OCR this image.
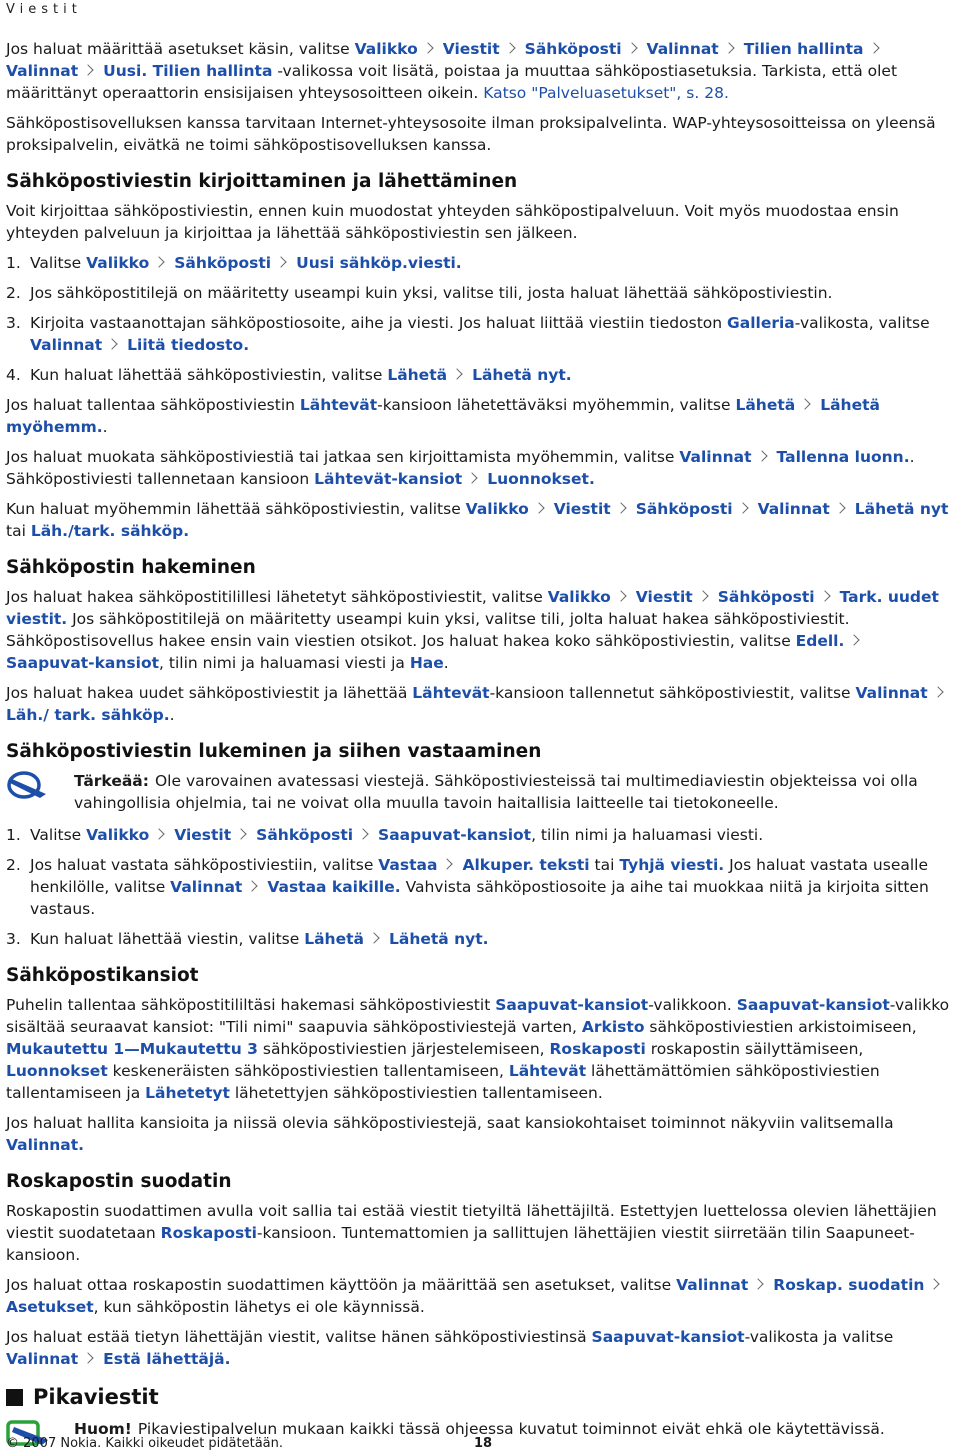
Viestit

Jos haluat määrittää asetukset käsin, valitse Valikko Viestit Sähköposti Valinnat Tilien hallintaValinnat Uusi. Tilien hallinta -valikossa voit lisätä, poistaa ja muuttaa sähköpostiasetuksia. Tarkista, että olet määrittänyt operaattorin ensisijaisen yhteysosoitteen oikein. Katso "Palveluasetukset", s. 28.

Sähköpostisovelluksen kanssa tarvitaan Internet-yhteysosoite ilman proksipalvelinta. WAP-yhteysosoitteissa on yleensä proksipalvelin, eivätkä ne toimi sähköpostisovelluksen kanssa.

Sähköpostiviestin kirjoittaminen ja lähettäminen

Voit kirjoittaa sähköpostiviestin, ennen kuin muodostat yhteyden sähköpostipalveluun. Voit myös muodostaa ensin yhteyden palveluun ja kirjoittaa ja lähettää sähköpostiviestin sen jälkeen.

1. Valitse Valikko Sähköposti Uusi sähköp.viesti.
2. Jos sähköpostitilejä on määritetty useampi kuin yksi, valitse tili, josta haluat lähettää sähköpostiviestin.
3. Kirjoita vastaanottajan sähköpostiosoite, aihe ja viesti. Jos haluat liittää viestiin tiedoston Galleria-valikosta, valitse Valinnat Liitä tiedosto.
4. Kun haluat lähettää sähköpostiviestin, valitse Lähetä Lähetä nyt.

Jos haluat tallentaa sähköpostiviestin Lähtevät-kansioon lähetettäväksi myöhemmin, valitse Lähetä Lähetä myöhemm..

Jos haluat muokata sähköpostiviestiä tai jatkaa sen kirjoittamista myöhemmin, valitse Valinnat Tallenna luonn.. Sähköpostiviesti tallennetaan kansioon Lähtevät-kansiot Luonnokset.

Kun haluat myöhemmin lähettää sähköpostiviestin, valitse Valikko Viestit Sähköposti Valinnat Lähetä nyt tai Läh./tark. sähköp.

Sähköpostin hakeminen

Jos haluat hakea sähköpostitilillesi lähetetyt sähköpostiviestit, valitse Valikko Viestit Sähköposti Tark. uudet viestit. Jos sähköpostitilejä on määritetty useampi kuin yksi, valitse tili, jolta haluat hakea sähköpostiviestit. Sähköpostisovellus hakee ensin vain viestien otsikot. Jos haluat hakea koko sähköpostiviestin, valitse Edell.Saapuvat-kansiot, tilin nimi ja haluamasi viesti ja Hae.

Jos haluat hakea uudet sähköpostiviestit ja lähettää Lähtevät-kansioon tallennetut sähköpostiviestit, valitse ValinnatLäh./ tark. sähköp..

Sähköpostiviestin lukeminen ja siihen vastaaminen
Tärkeää: Ole varovainen avatessasi viestejä. Sähköpostiviesteissä tai multimediaviestin objekteissa voi olla vahingollisia ohjelmia, tai ne voivat olla muulla tavoin haitallisia laitteelle tai tietokoneelle.
1. Valitse Valikko Viestit Sähköposti Saapuvat-kansiot, tilin nimi ja haluamasi viesti.
2. Jos haluat vastata sähköpostiviestiin, valitse Vastaa Alkuper. teksti tai Tyhjä viesti. Jos haluat vastata usealle henkilölle, valitse Valinnat Vastaa kaikille. Vahvista sähköpostiosoite ja aihe tai muokkaa niitä ja kirjoita sitten vastaus.
3. Kun haluat lähettää viestin, valitse Lähetä Lähetä nyt.
Sähköpostikansiot

Puhelin tallentaa sähköpostitililtäsi hakemasi sähköpostiviestit Saapuvat-kansiot-valikkoon. Saapuvat-kansiot-valikko sisältää seuraavat kansiot: "Tili nimi" saapuvia sähköpostiviestejä varten, Arkisto sähköpostiviestien arkistoimiseen, Mukautettu 1—Mukautettu 3 sähköpostiviestien järjestelemiseen, Roskaposti roskapostin säilyttämiseen, Luonnokset keskeneräisten sähköpostiviestien tallentamiseen, Lähtevät lähettämättömien sähköpostiviestien tallentamiseen ja Lähetetyt lähetettyjen sähköpostiviestien tallentamiseen.

Jos haluat hallita kansioita ja niissä olevia sähköpostiviestejä, saat kansiokohtaiset toiminnot näkyviin valitsemalla Valinnat.

Roskapostin suodatin

Roskapostin suodattimen avulla voit sallia tai estää viestit tietyiltä lähettäjiltä. Estettyjen luettelossa olevien lähettäjien viestit suodatetaan Roskaposti-kansioon. Tuntemattomien ja sallittujen lähettäjien viestit siirretään tilin Saapuneet-kansioon.

Jos haluat ottaa roskapostin suodattimen käyttöön ja määrittää sen asetukset, valitse Valinnat Roskap. suodatinAsetukset, kun sähköpostin lähetys ei ole käynnissä.

Jos haluat estää tietyn lähettäjän viestit, valitse hänen sähköpostiviestinsä Saapuvat-kansiot-valikosta ja valitse Valinnat Estä lähettäjä.

Pikaviestit
Huom! Pikaviestipalvelun mukaan kaikki tässä ohjeessa kuvatut toiminnot eivät ehkä ole käytettävissä.
© 2007 Nokia. Kaikki oikeudet pidätetään.	18
